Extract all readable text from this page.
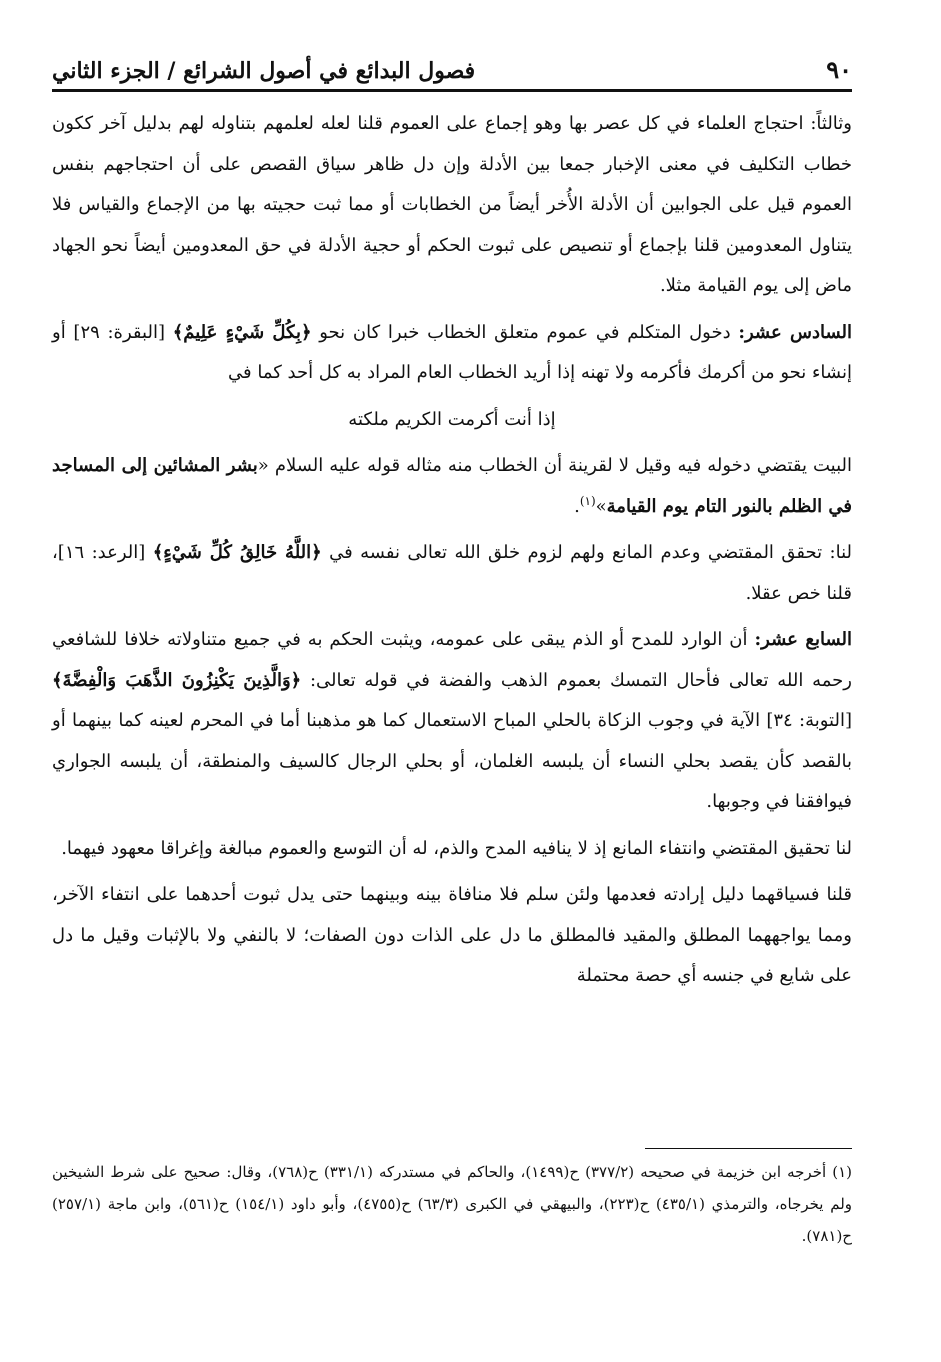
٩٠
فصول البدائع في أصول الشرائع / الجزء الثاني

وثالثاً: احتجاج العلماء في كل عصر بها وهو إجماع على العموم قلنا لعله لعلمهم بتناوله لهم بدليل آخر ككون خطاب التكليف في معنى الإخبار جمعا بين الأدلة وإن دل ظاهر سياق القصص على أن احتجاجهم بنفس العموم قيل على الجوابين أن الأدلة الأُخر أيضاً من الخطابات أو مما ثبت حجيته بها من الإجماع والقياس فلا يتناول المعدومين قلنا بإجماع أو تنصيص على ثبوت الحكم أو حجية الأدلة في حق المعدومين أيضاً نحو الجهاد ماض إلى يوم القيامة مثلا.

السادس عشر: دخول المتكلم في عموم متعلق الخطاب خبرا كان نحو ﴿بِكُلِّ شَيْءٍ عَلِيمٌ﴾ [البقرة: ٢٩] أو إنشاء نحو من أكرمك فأكرمه ولا تهنه إذا أريد الخطاب العام المراد به كل أحد كما في

إذا أنت أكرمت الكريم ملكته

البيت يقتضي دخوله فيه وقيل لا لقرينة أن الخطاب منه مثاله قوله عليه السلام «بشر المشائين إلى المساجد في الظلم بالنور التام يوم القيامة»$^{(١)}$.

لنا: تحقق المقتضي وعدم المانع ولهم لزوم خلق الله تعالى نفسه في ﴿اللَّهُ خَالِقُ كُلِّ شَيْءٍ﴾ [الرعد: ١٦]، قلنا خص عقلا.

السابع عشر: أن الوارد للمدح أو الذم يبقى على عمومه، ويثبت الحكم به في جميع متناولاته خلافا للشافعي رحمه الله تعالى فأحال التمسك بعموم الذهب والفضة في قوله تعالى: ﴿وَالَّذِينَ يَكْنِزُونَ الذَّهَبَ وَالْفِضَّةَ﴾ [التوبة: ٣٤] الآية في وجوب الزكاة بالحلي المباح الاستعمال كما هو مذهبنا أما في المحرم لعينه كما بينهما أو بالقصد كأن يقصد بحلي النساء أن يلبسه الغلمان، أو بحلي الرجال كالسيف والمنطقة، أن يلبسه الجواري فيوافقنا في وجوبها.

لنا تحقيق المقتضي وانتفاء المانع إذ لا ينافيه المدح والذم، له أن التوسع والعموم مبالغة وإغراقا معهود فيهما.

قلنا فسياقهما دليل إرادته فعدمها ولئن سلم فلا منافاة بينه وبينهما حتى يدل ثبوت أحدهما على انتفاء الآخر، ومما يواجههما المطلق والمقيد فالمطلق ما دل على الذات دون الصفات؛ لا بالنفي ولا بالإثبات وقيل ما دل على شايع في جنسه أي حصة محتملة

(١) أخرجه ابن خزيمة في صحيحه (٣٧٧/٢) ح(١٤٩٩)، والحاكم في مستدركه (٣٣١/١) ح(٧٦٨)، وقال: صحيح على شرط الشيخين ولم يخرجاه، والترمذي (٤٣٥/١) ح(٢٢٣)، والبيهقي في الكبرى (٦٣/٣) ح(٤٧٥٥)، وأبو داود (١٥٤/١) ح(٥٦١)، وابن ماجة (٢٥٧/١) ح(٧٨١).
